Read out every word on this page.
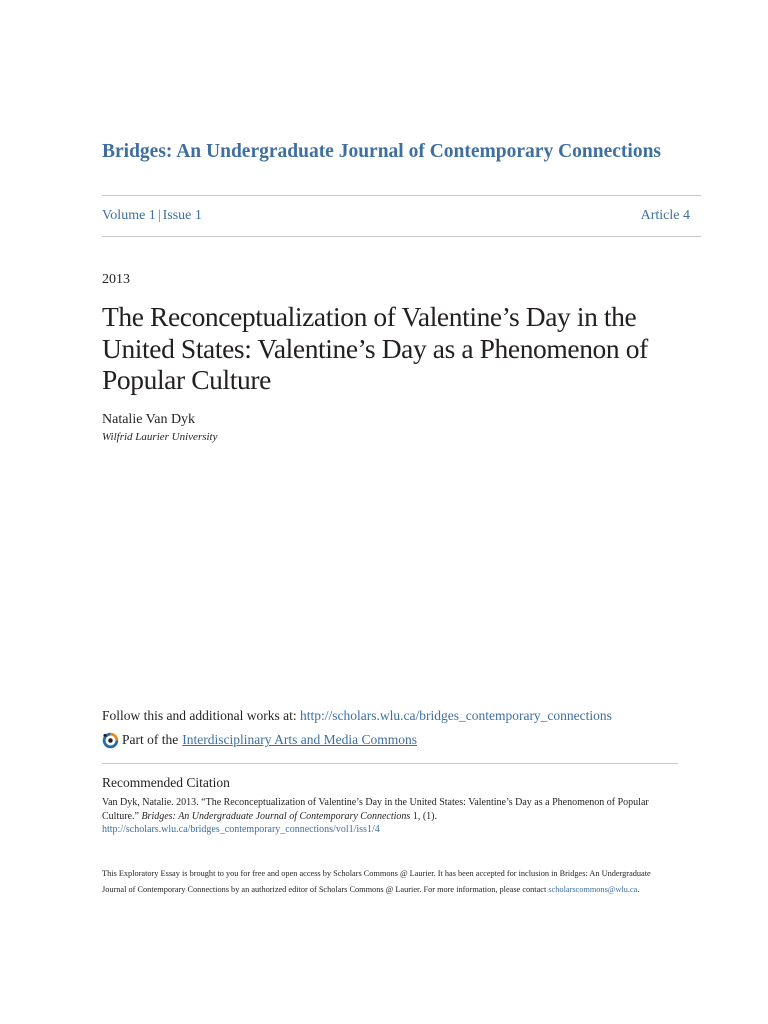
Bridges: An Undergraduate Journal of Contemporary Connections
Volume 1 | Issue 1	Article 4
2013
The Reconceptualization of Valentine’s Day in the United States: Valentine’s Day as a Phenomenon of Popular Culture
Natalie Van Dyk
Wilfrid Laurier University
Follow this and additional works at: http://scholars.wlu.ca/bridges_contemporary_connections
Part of the Interdisciplinary Arts and Media Commons
Recommended Citation
Van Dyk, Natalie. 2013. “The Reconceptualization of Valentine’s Day in the United States: Valentine’s Day as a Phenomenon of Popular Culture.” Bridges: An Undergraduate Journal of Contemporary Connections 1, (1). http://scholars.wlu.ca/bridges_contemporary_connections/vol1/iss1/4
This Exploratory Essay is brought to you for free and open access by Scholars Commons @ Laurier. It has been accepted for inclusion in Bridges: An Undergraduate Journal of Contemporary Connections by an authorized editor of Scholars Commons @ Laurier. For more information, please contact scholarscommons@wlu.ca.
